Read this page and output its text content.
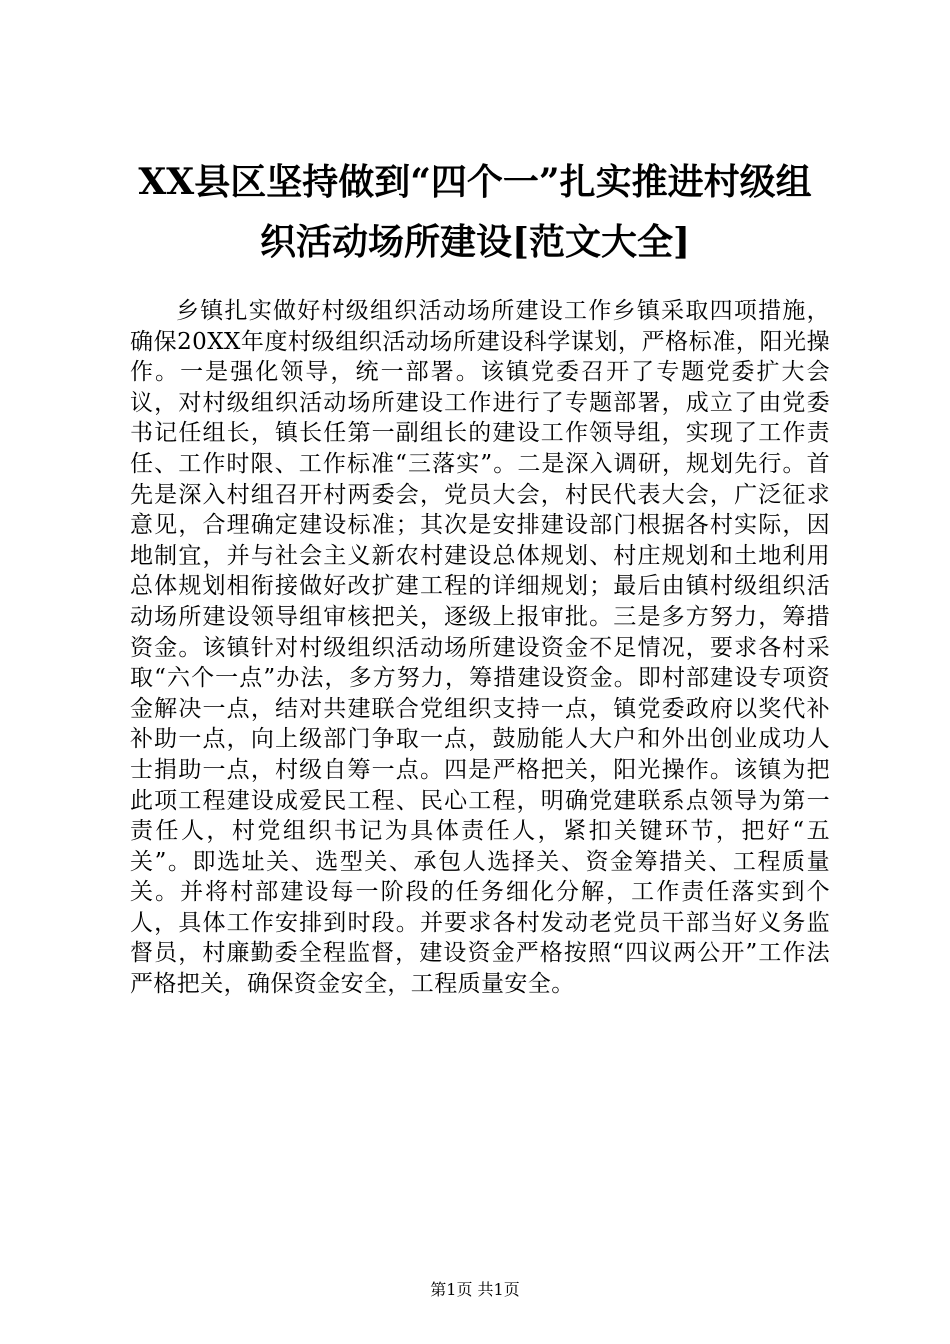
XX县区坚持做到“四个一”扎实推进村级组
织活动场所建设[范文大全]

乡镇扎实做好村级组织活动场所建设工作乡镇采取四项措施，确保20XX年度村级组织活动场所建设科学谋划，严格标准，阳光操作。一是强化领导，统一部署。该镇党委召开了专题党委扩大会议，对村级组织活动场所建设工作进行了专题部署，成立了由党委书记任组长，镇长任第一副组长的建设工作领导组，实现了工作责任、工作时限、工作标准“三落实”。二是深入调研，规划先行。首先是深入村组召开村两委会，党员大会，村民代表大会，广泛征求意见，合理确定建设标准；其次是安排建设部门根据各村实际，因地制宜，并与社会主义新农村建设总体规划、村庄规划和土地利用总体规划相衔接做好改扩建工程的详细规划；最后由镇村级组织活动场所建设领导组审核把关，逐级上报审批。三是多方努力，筹措资金。该镇针对村级组织活动场所建设资金不足情况，要求各村采取“六个一点”办法，多方努力，筹措建设资金。即村部建设专项资金解决一点，结对共建联合党组织支持一点，镇党委政府以奖代补补助一点，向上级部门争取一点，鼓励能人大户和外出创业成功人士捐助一点，村级自筹一点。四是严格把关，阳光操作。该镇为把此项工程建设成爱民工程、民心工程，明确党建联系点领导为第一责任人，村党组织书记为具体责任人，紧扣关键环节，把好“五关”。即选址关、选型关、承包人选择关、资金筹措关、工程质量关。并将村部建设每一阶段的任务细化分解，工作责任落实到个人，具体工作安排到时段。并要求各村发动老党员干部当好义务监督员，村廉勤委全程监督，建设资金严格按照“四议两公开”工作法严格把关，确保资金安全，工程质量安全。

第1页 共1页
